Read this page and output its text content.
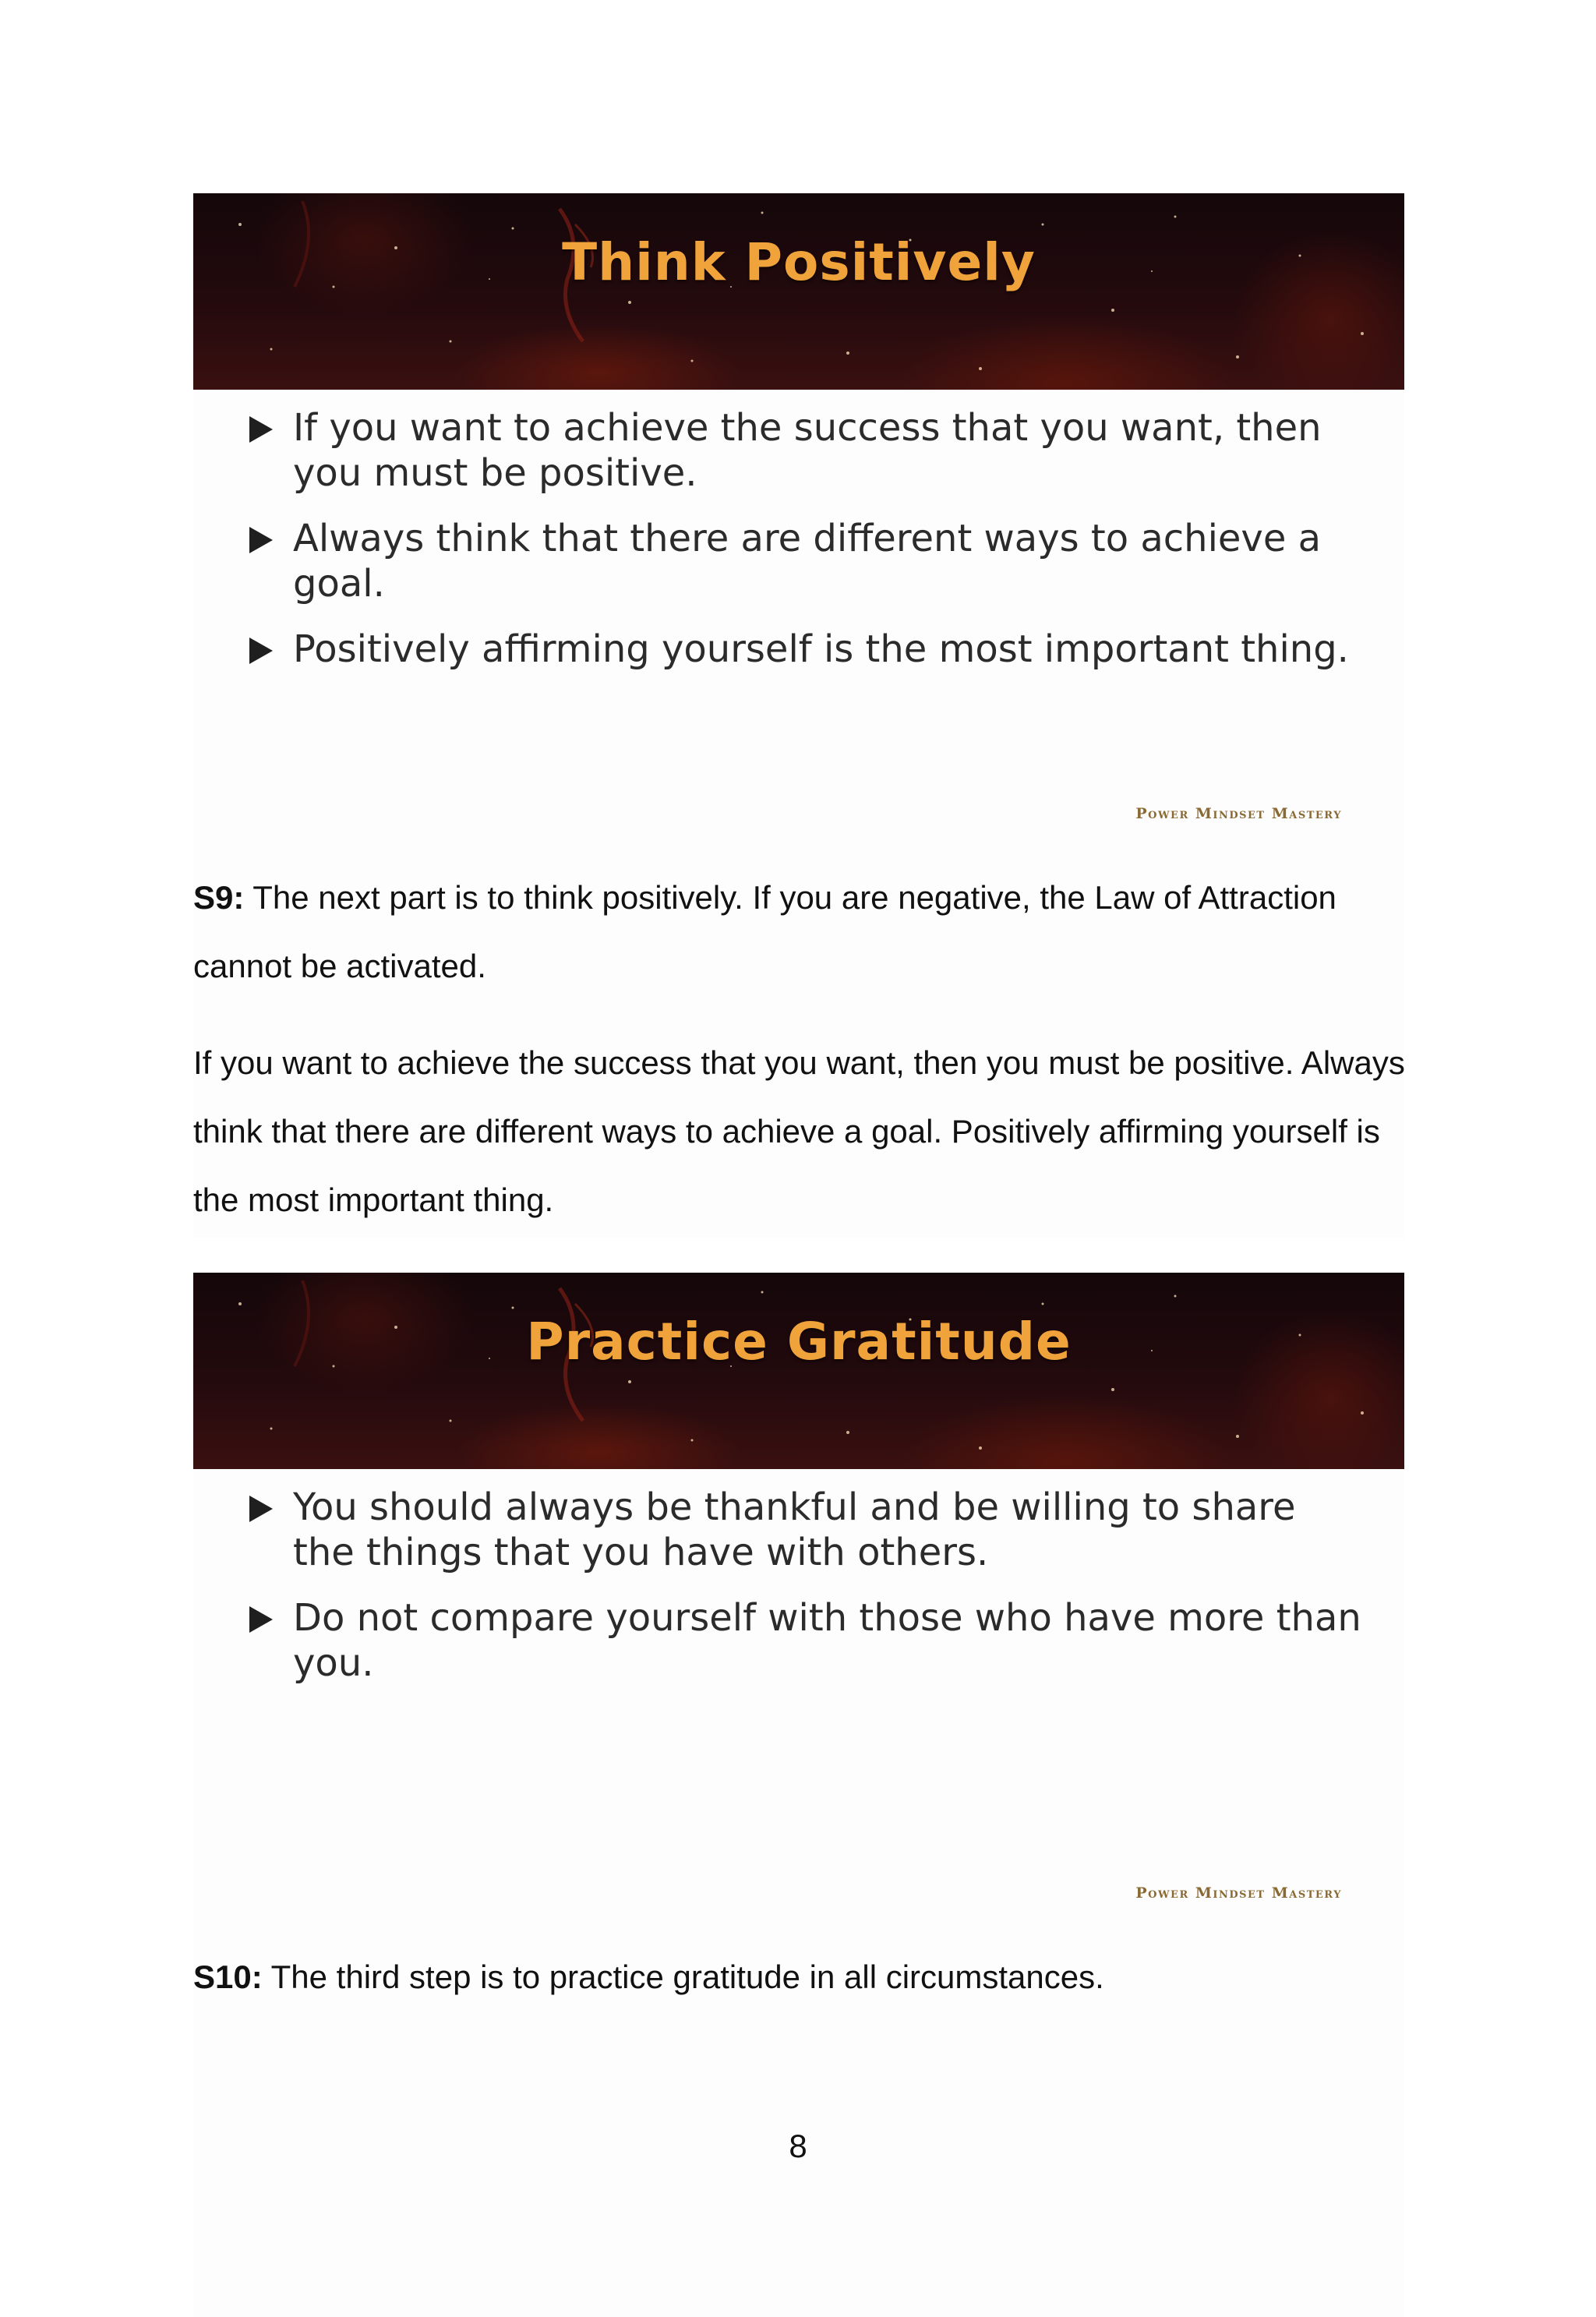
Think Positively
If you want to achieve the success that you want, then you must be positive.
Always think that there are different ways to achieve a goal.
Positively affirming yourself is the most important thing.
Power Mindset Mastery

S9: The next part is to think positively. If you are negative, the Law of Attraction cannot be activated.

If you want to achieve the success that you want, then you must be positive. Always think that there are different ways to achieve a goal. Positively affirming yourself is the most important thing.

Practice Gratitude
You should always be thankful and be willing to share the things that you have with others.
Do not compare yourself with those who have more than you.
Power Mindset Mastery

S10: The third step is to practice gratitude in all circumstances.

8
